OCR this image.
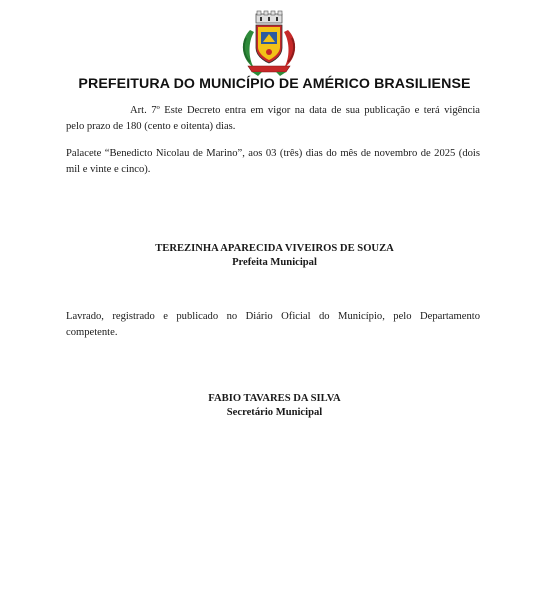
PREFEITURA DO MUNICÍPIO DE AMÉRICO BRASILIENSE

Art. 7º Este Decreto entra em vigor na data de sua publicação e terá vigência
pelo prazo de 180 (cento e oitenta) dias.

Palacete “Benedicto Nicolau de Marino”, aos 03 (três) dias do mês de novembro de 2025 (dois
mil e vinte e cinco).

TEREZINHA APARECIDA VIVEIROS DE SOUZA
Prefeita Municipal

Lavrado, registrado e publicado no Diário Oficial do Município, pelo Departamento
competente.

FABIO TAVARES DA SILVA
Secretário Municipal
